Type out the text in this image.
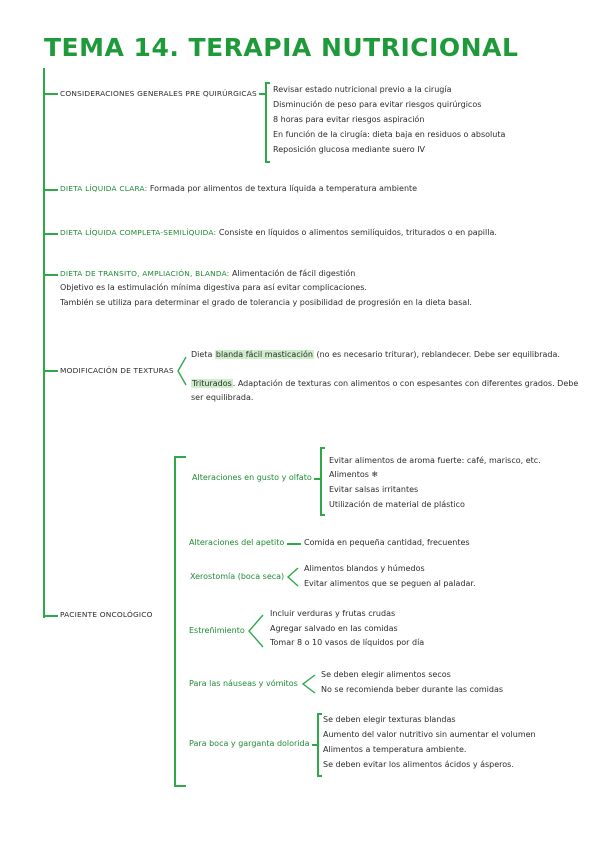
TEMA 14. TERAPIA NUTRICIONAL
CONSIDERACIONES GENERALES PRE QUIRÚRGICAS Revisar estado nutricional previo a la cirugía
Disminución de peso para evitar riesgos quirúrgicos
8 horas para evitar riesgos aspiración
En función de la cirugía: dieta baja en residuos o absoluta
Reposición glucosa mediante suero IV
DIETA LÍQUIDA CLARA: Formada por alimentos de textura líquida a temperatura ambiente
DIETA LÍQUIDA COMPLETA-SEMILÍQUIDA: Consiste en líquidos o alimentos semilíquidos, triturados o en papilla.
DIETA DE TRANSITO, AMPLIACIÓN, BLANDA: Alimentación de fácil digestión
Objetivo es la estimulación mínima digestiva para así evitar complicaciones.
También se utiliza para determinar el grado de tolerancia y posibilidad de progresión en la dieta basal.
MODIFICACIÓN DE TEXTURAS
Dieta blanda fácil masticación (no es necesario triturar), reblandecer. Debe ser equilibrada.
Triturados. Adaptación de texturas con alimentos o con espesantes con diferentes grados. Debe
ser equilibrada.
PACIENTE ONCOLÓGICO
Alteraciones en gusto y olfato
Evitar alimentos de aroma fuerte: café, marisco, etc.
Alimentos ❄
Evitar salsas irritantes
Utilización de material de plástico
Alteraciones del apetito Comida en pequeña cantidad, frecuentes
Xerostomía (boca seca)
Alimentos blandos y húmedos
Evitar alimentos que se peguen al paladar.
Estreñimiento
Incluir verduras y frutas crudas
Agregar salvado en las comidas
Tomar 8 o 10 vasos de líquidos por día
Para las náuseas y vómitos
Se deben elegir alimentos secos
No se recomienda beber durante las comidas
Para boca y garganta dolorida
Se deben elegir texturas blandas
Aumento del valor nutritivo sin aumentar el volumen
Alimentos a temperatura ambiente.
Se deben evitar los alimentos ácidos y ásperos.
